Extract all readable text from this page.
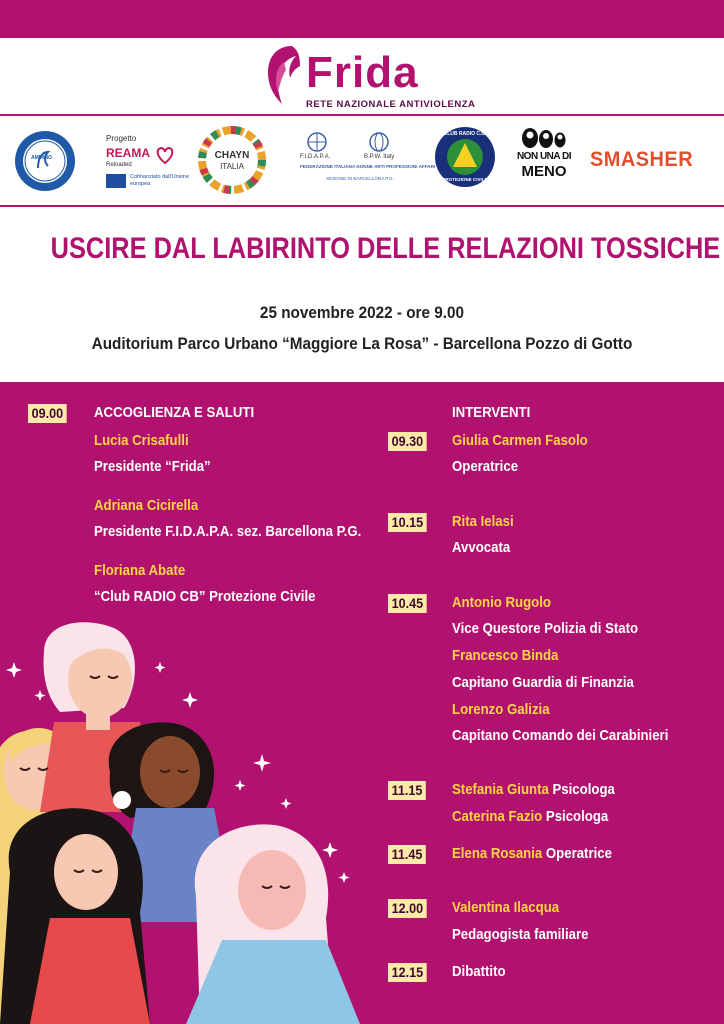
Frida
RETE NAZIONALE ANTIVIOLENZA
AMMINO
Progetto
REAMA
Reloaded
Cofinanziato dall'Unione europea
CHAYN
ITALIA
F.I.D.A.P.A.	B.P.W. Italy
FEDERAZIONE ITALIANA DONNE ARTI PROFESSIONI AFFARI
SEZIONE DI BARCELLONA P.G.
CLUB RADIO C.B.
PROTEZIONE CIVILE
NON UNA DI
MENO
SMASHER
USCIRE DAL LABIRINTO DELLE RELAZIONI TOSSICHE
25 novembre 2022 - ore 9.00
Auditorium Parco Urbano “Maggiore La Rosa” - Barcellona Pozzo di Gotto
09.00 ACCOGLIENZA E SALUTI
Lucia Crisafulli
Presidente “Frida”
Adriana Cicirella
Presidente F.I.D.A.P.A. sez. Barcellona P.G.
Floriana Abate
“Club RADIO CB” Protezione Civile
INTERVENTI
09.30 Giulia Carmen Fasolo
Operatrice
10.15 Rita Ielasi
Avvocata
10.45 Antonio Rugolo
Vice Questore Polizia di Stato
Francesco Binda
Capitano Guardia di Finanzia
Lorenzo Galizia
Capitano Comando dei Carabinieri
11.15 Stefania Giunta Psicologa
Caterina Fazio Psicologa
11.45 Elena Rosania Operatrice
12.00 Valentina Ilacqua
Pedagogista familiare
12.15 Dibattito
